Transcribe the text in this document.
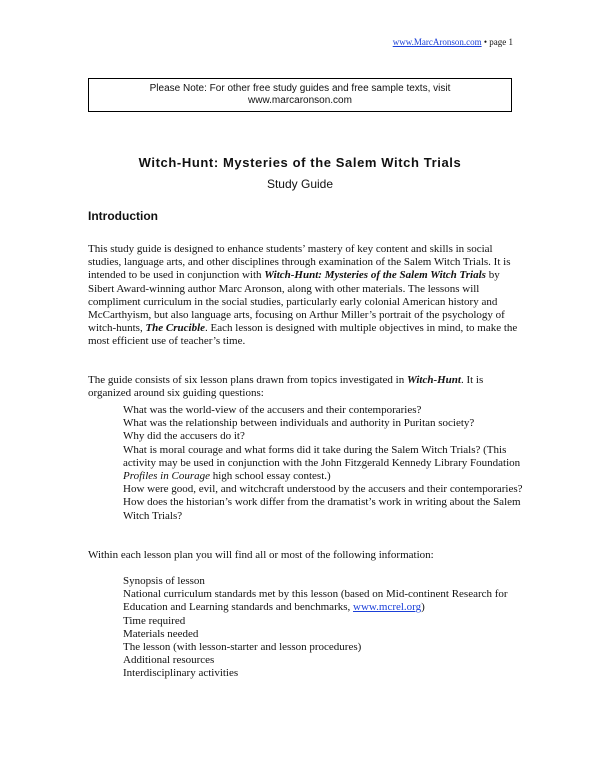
www.MarcAronson.com • page 1
Please Note: For other free study guides and free sample texts, visit
www.marcaronson.com
Witch-Hunt: Mysteries of the Salem Witch Trials
Study Guide
Introduction

This study guide is designed to enhance students’ mastery of key content and skills in social studies, language arts, and other disciplines through examination of the Salem Witch Trials. It is intended to be used in conjunction with Witch-Hunt: Mysteries of the Salem Witch Trials by Sibert Award-winning author Marc Aronson, along with other materials. The lessons will compliment curriculum in the social studies, particularly early colonial American history and McCarthyism, but also language arts, focusing on Arthur Miller’s portrait of the psychology of witch-hunts, The Crucible. Each lesson is designed with multiple objectives in mind, to make the most efficient use of teacher’s time.

The guide consists of six lesson plans drawn from topics investigated in Witch-Hunt. It is organized around six guiding questions:

What was the world-view of the accusers and their contemporaries?
What was the relationship between individuals and authority in Puritan society?
Why did the accusers do it?
What is moral courage and what forms did it take during the Salem Witch Trials? (This activity may be used in conjunction with the John Fitzgerald Kennedy Library Foundation Profiles in Courage high school essay contest.)
How were good, evil, and witchcraft understood by the accusers and their contemporaries?
How does the historian’s work differ from the dramatist’s work in writing about the Salem Witch Trials?

Within each lesson plan you will find all or most of the following information:

Synopsis of lesson
National curriculum standards met by this lesson (based on Mid-continent Research for Education and Learning standards and benchmarks, www.mcrel.org)
Time required
Materials needed
The lesson (with lesson-starter and lesson procedures)
Additional resources
Interdisciplinary activities
